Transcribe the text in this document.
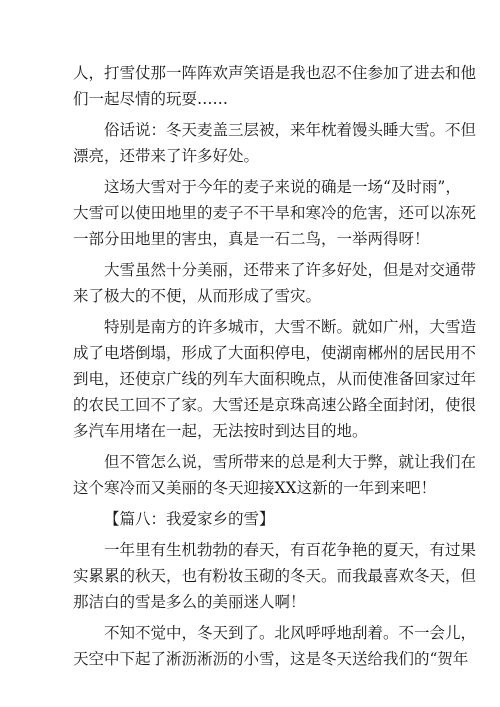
人，打雪仗那一阵阵欢声笑语是我也忍不住参加了进去和他
们一起尽情的玩耍……
俗话说：冬天麦盖三层被，来年枕着馒头睡大雪。不但
漂亮，还带来了许多好处。
这场大雪对于今年的麦子来说的确是一场“及时雨”，
大雪可以使田地里的麦子不干旱和寒冷的危害，还可以冻死
一部分田地里的害虫，真是一石二鸟，一举两得呀！
大雪虽然十分美丽，还带来了许多好处，但是对交通带
来了极大的不便，从而形成了雪灾。
特别是南方的许多城市，大雪不断。就如广州，大雪造
成了电塔倒塌，形成了大面积停电，使湖南郴州的居民用不
到电，还使京广线的列车大面积晚点，从而使准备回家过年
的农民工回不了家。大雪还是京珠高速公路全面封闭，使很
多汽车用堵在一起，无法按时到达目的地。
但不管怎么说，雪所带来的总是利大于弊，就让我们在
这个寒冷而又美丽的冬天迎接XX这新的一年到来吧！
【篇八：我爱家乡的雪】
一年里有生机勃勃的春天，有百花争艳的夏天，有过果
实累累的秋天，也有粉妆玉砌的冬天。而我最喜欢冬天，但
那洁白的雪是多么的美丽迷人啊！
不知不觉中，冬天到了。北风呼呼地刮着。不一会儿，
天空中下起了淅沥淅沥的小雪，这是冬天送给我们的“贺年
